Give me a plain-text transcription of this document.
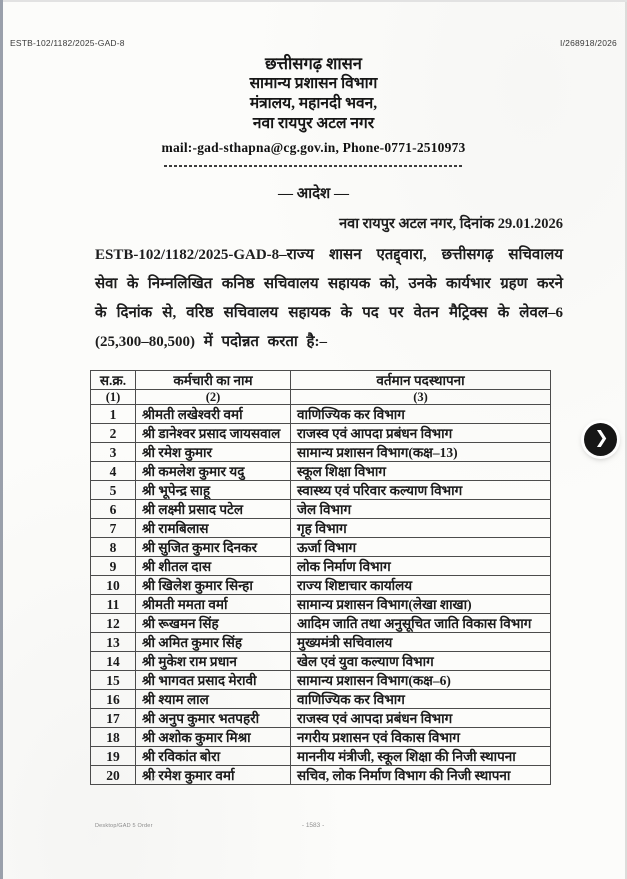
ESTB-102/1182/2025-GAD-8	I/268918/2026
छत्तीसगढ़ शासन
सामान्य प्रशासन विभाग
मंत्रालय, महानदी भवन,
नवा रायपुर अटल नगर
mail:-gad-sthapna@cg.gov.in, Phone-0771-2510973
–– आदेश ––
नवा रायपुर अटल नगर, दिनांक 29.01.2026
ESTB-102/1182/2025-GAD-8–राज्य शासन एतद्द्वारा, छत्तीसगढ़ सचिवालय सेवा के निम्नलिखित कनिष्ठ सचिवालय सहायक को, उनके कार्यभार ग्रहण करने के दिनांक से, वरिष्ठ सचिवालय सहायक के पद पर वेतन मैट्रिक्स के लेवल–6 (25,300–80,500) में पदोन्नत करता है:–
स.क्र.	कर्मचारी का नाम	वर्तमान पदस्थापना
(1)	(2)	(3)
1	श्रीमती लखेश्वरी वर्मा	वाणिज्यिक कर विभाग
2	श्री डानेश्वर प्रसाद जायसवाल	राजस्व एवं आपदा प्रबंधन विभाग
3	श्री रमेश कुमार	सामान्य प्रशासन विभाग(कक्ष–13)
4	श्री कमलेश कुमार यदु	स्कूल शिक्षा विभाग
5	श्री भूपेन्द्र साहू	स्वास्थ्य एवं परिवार कल्याण विभाग
6	श्री लक्ष्मी प्रसाद पटेल	जेल विभाग
7	श्री रामबिलास	गृह विभाग
8	श्री सुजित कुमार दिनकर	ऊर्जा विभाग
9	श्री शीतल दास	लोक निर्माण विभाग
10	श्री खिलेश कुमार सिन्हा	राज्य शिष्टाचार कार्यालय
11	श्रीमती ममता वर्मा	सामान्य प्रशासन विभाग(लेखा शाखा)
12	श्री रूखमन सिंह	आदिम जाति तथा अनुसूचित जाति विकास विभाग
13	श्री अमित कुमार सिंह	मुख्यमंत्री सचिवालय
14	श्री मुकेश राम प्रधान	खेल एवं युवा कल्याण विभाग
15	श्री भागवत प्रसाद मेरावी	सामान्य प्रशासन विभाग(कक्ष–6)
16	श्री श्याम लाल	वाणिज्यिक कर विभाग
17	श्री अनुप कुमार भतपहरी	राजस्व एवं आपदा प्रबंधन विभाग
18	श्री अशोक कुमार मिश्रा	नगरीय प्रशासन एवं विकास विभाग
19	श्री रविकांत बोरा	माननीय मंत्रीजी, स्कूल शिक्षा की निजी स्थापना
20	श्री रमेश कुमार वर्मा	सचिव, लोक निर्माण विभाग की निजी स्थापना
Desktop/GAD 5 Order	- 1583 -
❯
